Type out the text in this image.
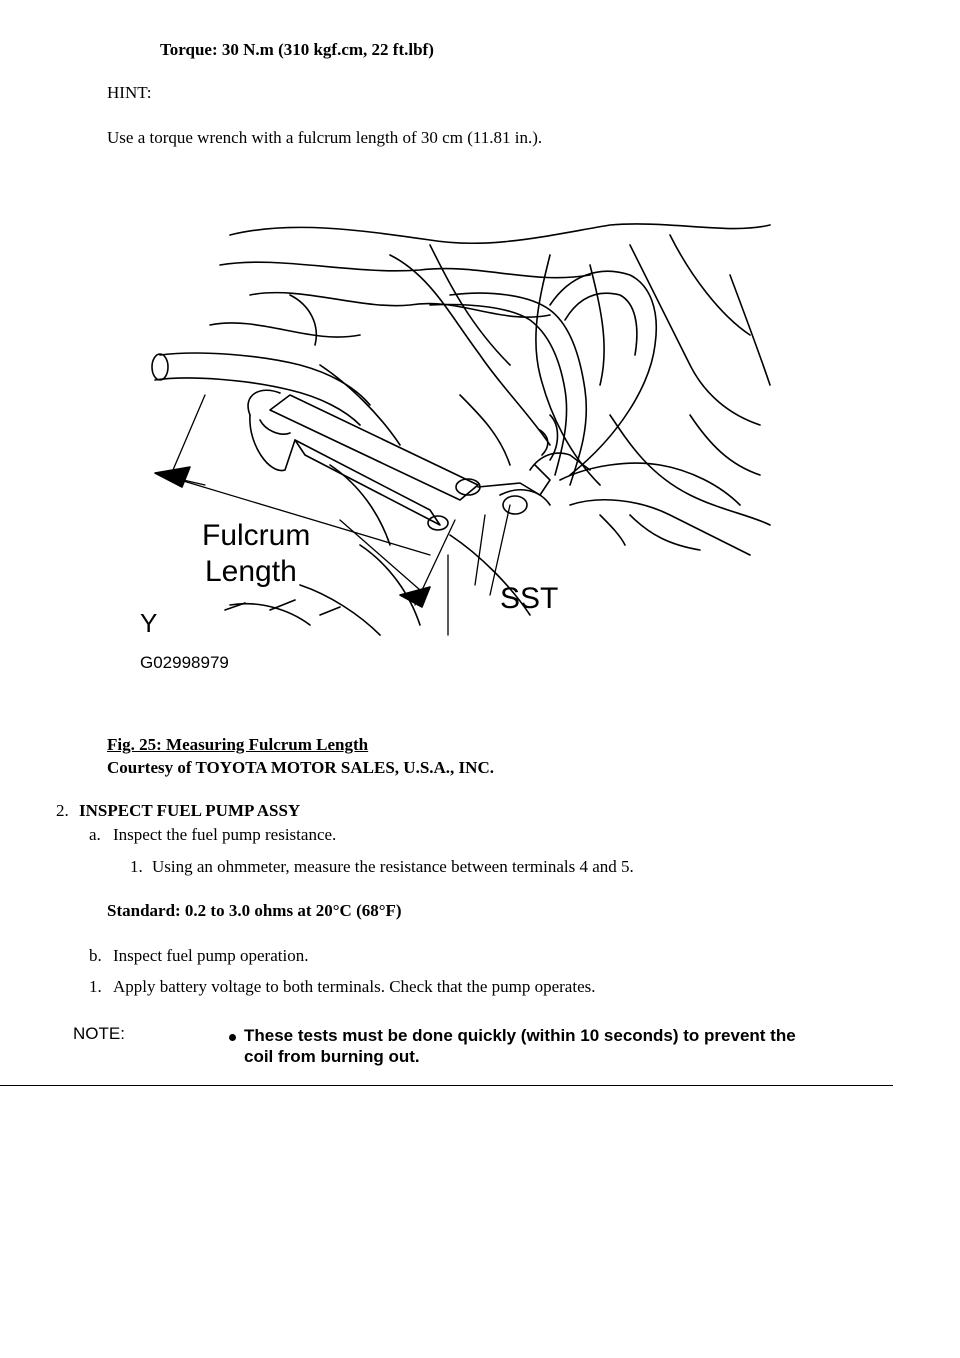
Torque: 30 N.m (310 kgf.cm, 22 ft.lbf)
HINT:
Use a torque wrench with a fulcrum length of 30 cm (11.81 in.).
Fulcrum
Length
SST
Y
G02998979
Fig. 25: Measuring Fulcrum Length
Courtesy of TOYOTA MOTOR SALES, U.S.A., INC.
2. INSPECT FUEL PUMP ASSY
a. Inspect the fuel pump resistance.
1. Using an ohmmeter, measure the resistance between terminals 4 and 5.
Standard: 0.2 to 3.0 ohms at 20°C (68°F)
b. Inspect fuel pump operation.
1. Apply battery voltage to both terminals. Check that the pump operates.
NOTE:	These tests must be done quickly (within 10 seconds) to prevent the
coil from burning out.
